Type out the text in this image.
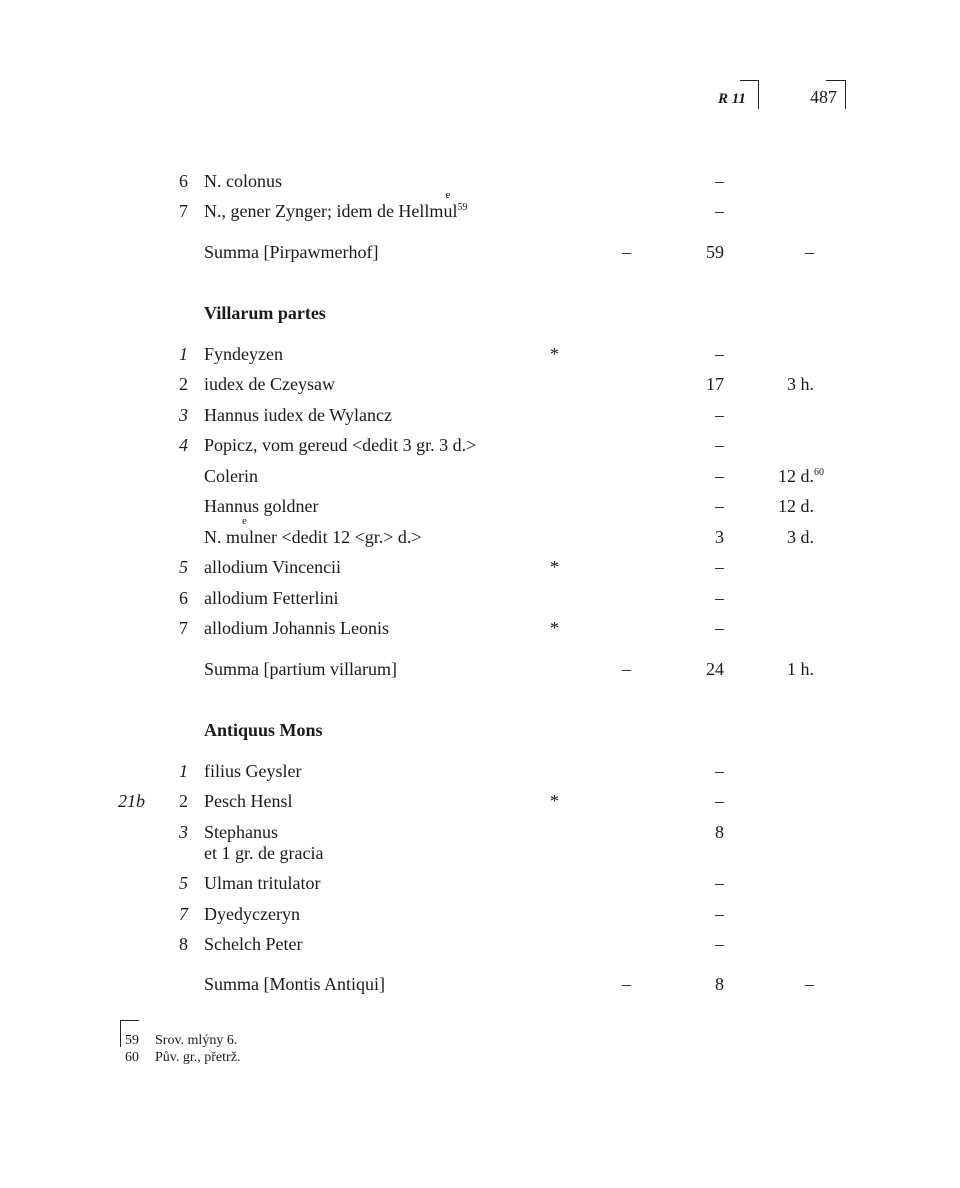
R 11	487
6 N. colonus	–
7 N., gener Zynger; idem de Hellme $ul^{59}$	–
Summa [Pirpawmerhof]	–	59	–
Villarum partes
1 Fyndeyzen	*	–
2 iudex de Czeysaw	17	3 h.
3 Hannus iudex de Wylancz	–
4 Popicz, vom gereud <dedit 3 gr. 3 d.>	–
Colerin	–	12 d.$^{60}$
Hannus goldner	–	12 d.
N. me ulner <dedit 12 <gr.> d.>	3	3 d.
5 allodium Vincencii	*	–
6 allodium Fetterlini	–
7 allodium Johannis Leonis	*	–
Summa [partium villarum]	–	24	1 h.
Antiquus Mons
1 filius Geysler	–
21b 2 Pesch Hensl	*	–
3 Stephanus	8
et 1 gr. de gracia
5 Ulman tritulator	–
7 Dyedyczeryn	–
8 Schelch Peter	–
Summa [Montis Antiqui]	–	8	–
59 Srov. mlýny 6.
60 Pův. gr., přetrž.
